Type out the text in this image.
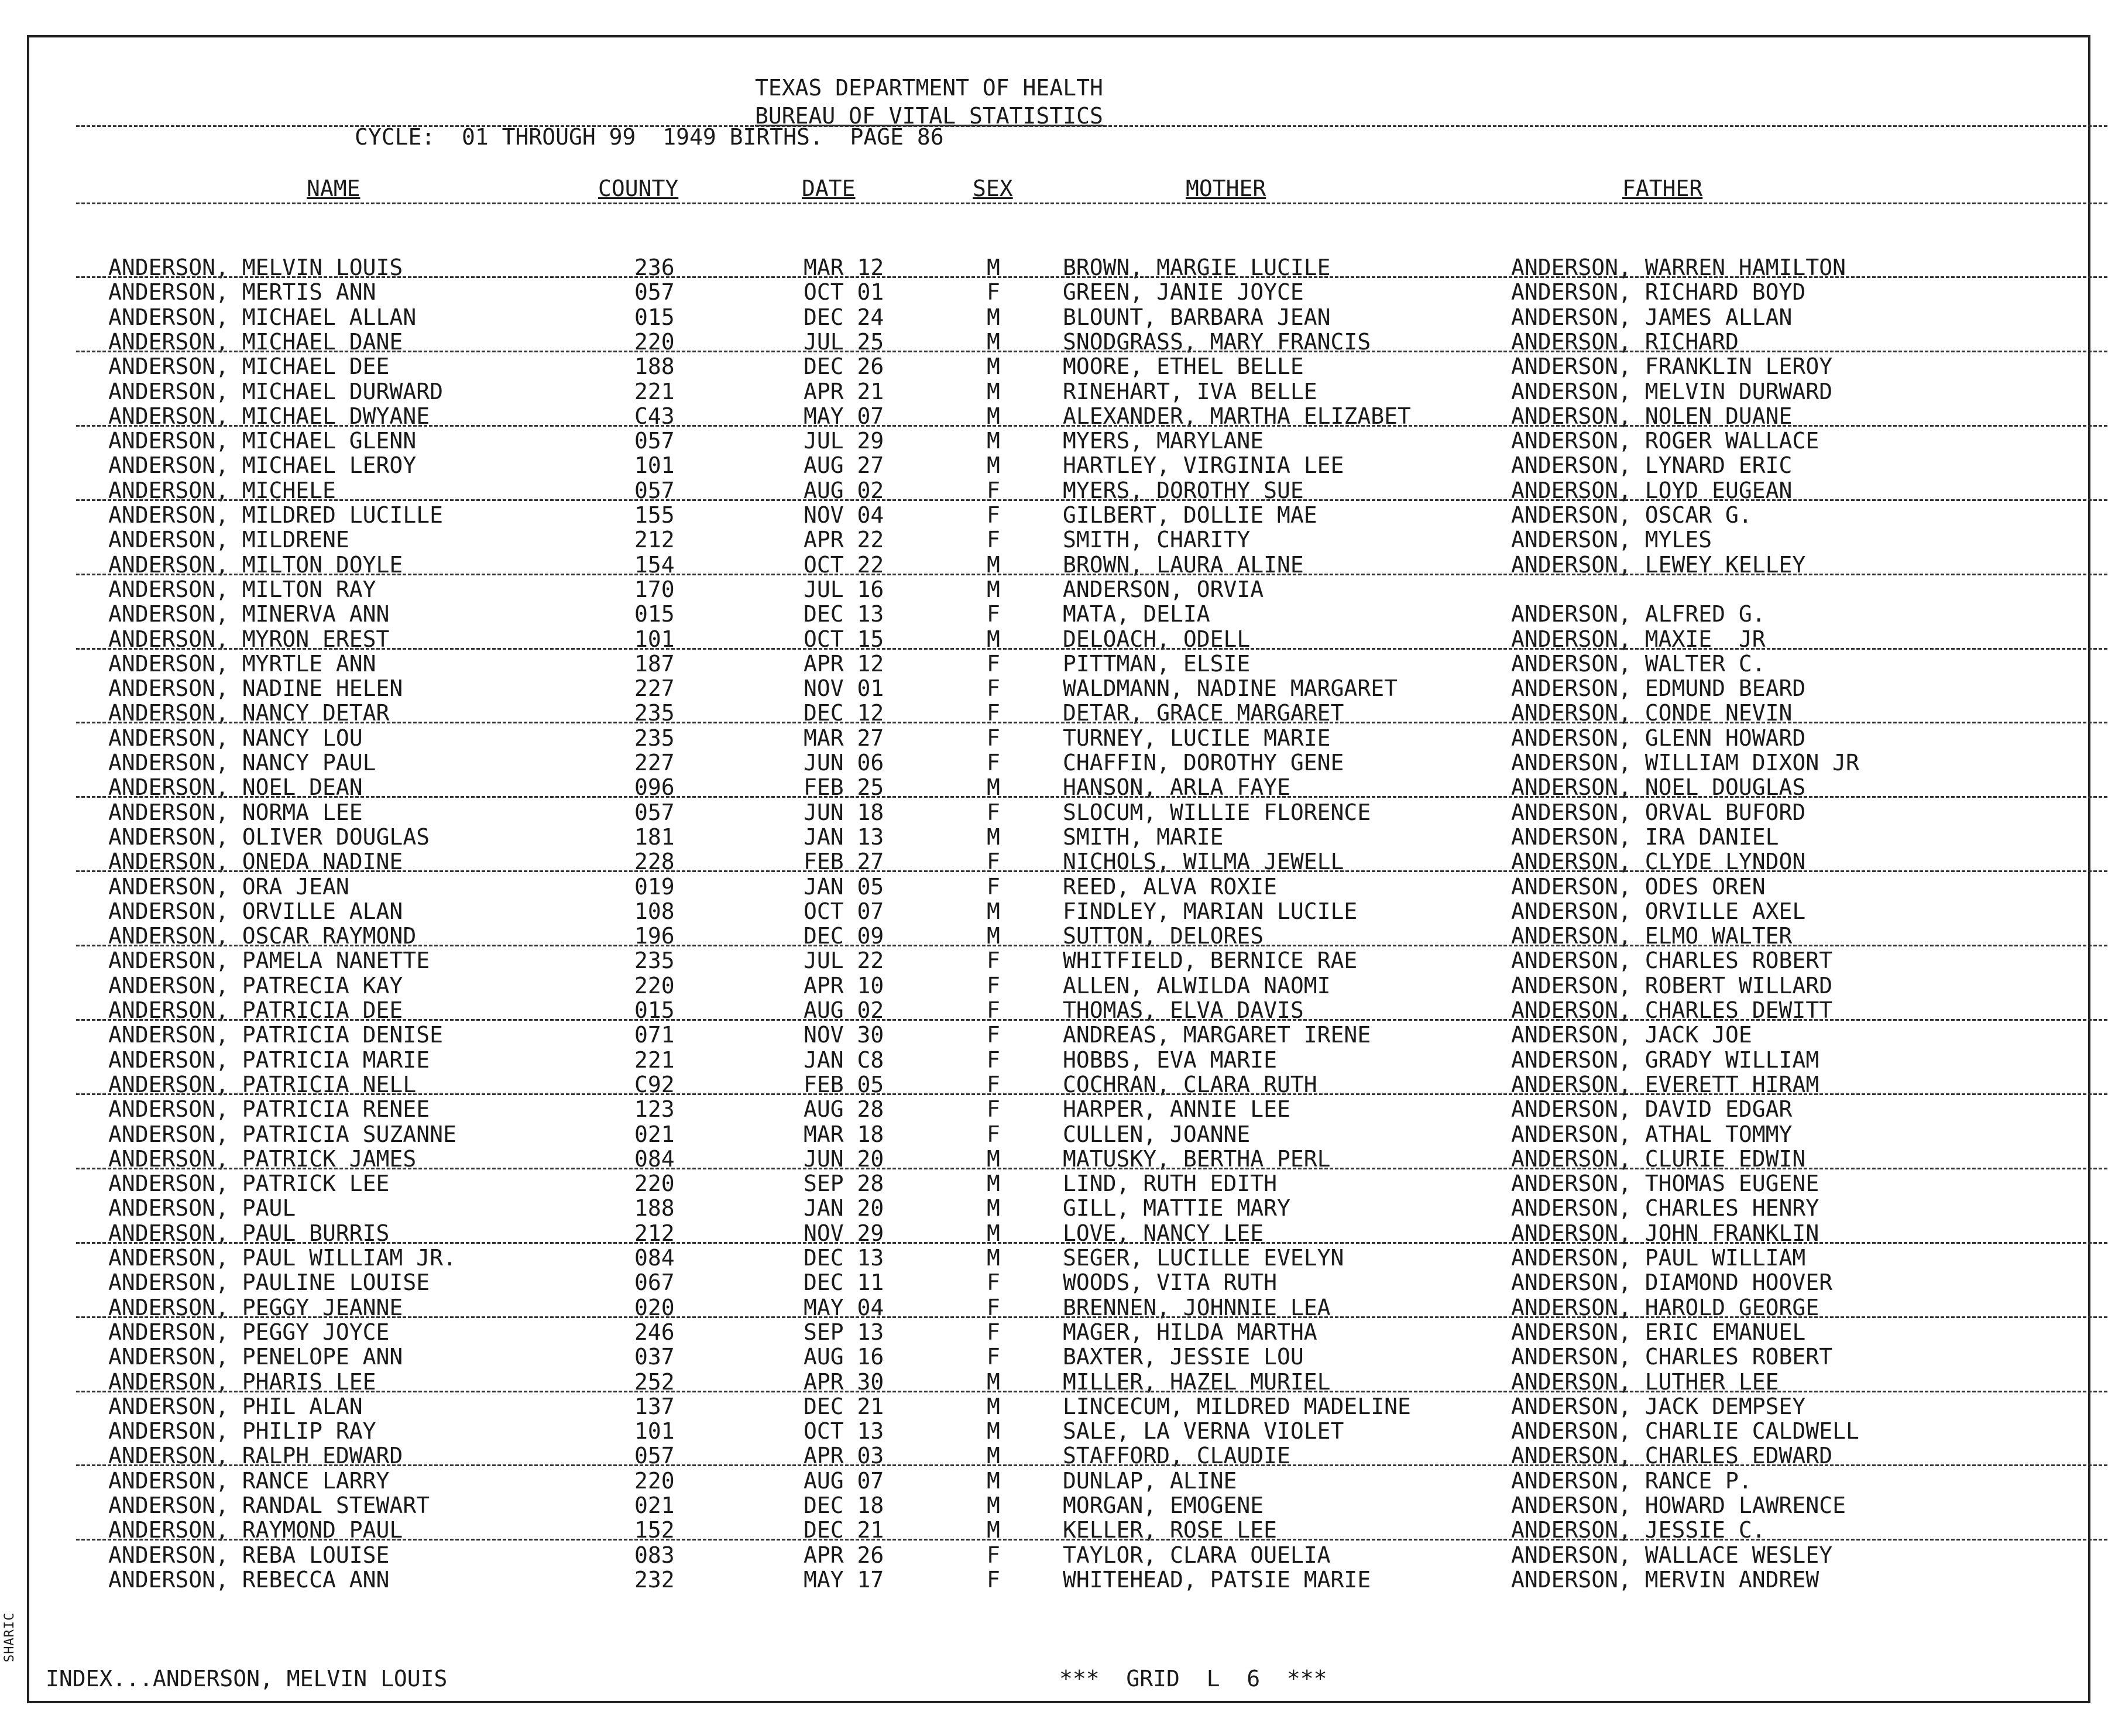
SHARIC
TEXAS DEPARTMENT OF HEALTH
BUREAU OF VITAL STATISTICS
CYCLE:  01 THROUGH 99  1949 BIRTHS.  PAGE 86
NAME	COUNTY	DATE	SEX	MOTHER	FATHER
ANDERSON, MELVIN LOUIS	236	MAR 12	M	BROWN, MARGIE LUCILE	ANDERSON, WARREN HAMILTON
ANDERSON, MERTIS ANN	057	OCT 01	F	GREEN, JANIE JOYCE	ANDERSON, RICHARD BOYD
ANDERSON, MICHAEL ALLAN	015	DEC 24	M	BLOUNT, BARBARA JEAN	ANDERSON, JAMES ALLAN
ANDERSON, MICHAEL DANE	220	JUL 25	M	SNODGRASS, MARY FRANCIS	ANDERSON, RICHARD
ANDERSON, MICHAEL DEE	188	DEC 26	M	MOORE, ETHEL BELLE	ANDERSON, FRANKLIN LEROY
ANDERSON, MICHAEL DURWARD	221	APR 21	M	RINEHART, IVA BELLE	ANDERSON, MELVIN DURWARD
ANDERSON, MICHAEL DWYANE	C43	MAY 07	M	ALEXANDER, MARTHA ELIZABET	ANDERSON, NOLEN DUANE
ANDERSON, MICHAEL GLENN	057	JUL 29	M	MYERS, MARYLANE	ANDERSON, ROGER WALLACE
ANDERSON, MICHAEL LEROY	101	AUG 27	M	HARTLEY, VIRGINIA LEE	ANDERSON, LYNARD ERIC
ANDERSON, MICHELE	057	AUG 02	F	MYERS, DOROTHY SUE	ANDERSON, LOYD EUGEAN
ANDERSON, MILDRED LUCILLE	155	NOV 04	F	GILBERT, DOLLIE MAE	ANDERSON, OSCAR G.
ANDERSON, MILDRENE	212	APR 22	F	SMITH, CHARITY	ANDERSON, MYLES
ANDERSON, MILTON DOYLE	154	OCT 22	M	BROWN, LAURA ALINE	ANDERSON, LEWEY KELLEY
ANDERSON, MILTON RAY	170	JUL 16	M	ANDERSON, ORVIA
ANDERSON, MINERVA ANN	015	DEC 13	F	MATA, DELIA	ANDERSON, ALFRED G.
ANDERSON, MYRON EREST	101	OCT 15	M	DELOACH, ODELL	ANDERSON, MAXIE  JR
ANDERSON, MYRTLE ANN	187	APR 12	F	PITTMAN, ELSIE	ANDERSON, WALTER C.
ANDERSON, NADINE HELEN	227	NOV 01	F	WALDMANN, NADINE MARGARET	ANDERSON, EDMUND BEARD
ANDERSON, NANCY DETAR	235	DEC 12	F	DETAR, GRACE MARGARET	ANDERSON, CONDE NEVIN
ANDERSON, NANCY LOU	235	MAR 27	F	TURNEY, LUCILE MARIE	ANDERSON, GLENN HOWARD
ANDERSON, NANCY PAUL	227	JUN 06	F	CHAFFIN, DOROTHY GENE	ANDERSON, WILLIAM DIXON JR
ANDERSON, NOEL DEAN	096	FEB 25	M	HANSON, ARLA FAYE	ANDERSON, NOEL DOUGLAS
ANDERSON, NORMA LEE	057	JUN 18	F	SLOCUM, WILLIE FLORENCE	ANDERSON, ORVAL BUFORD
ANDERSON, OLIVER DOUGLAS	181	JAN 13	M	SMITH, MARIE	ANDERSON, IRA DANIEL
ANDERSON, ONEDA NADINE	228	FEB 27	F	NICHOLS, WILMA JEWELL	ANDERSON, CLYDE LYNDON
ANDERSON, ORA JEAN	019	JAN 05	F	REED, ALVA ROXIE	ANDERSON, ODES OREN
ANDERSON, ORVILLE ALAN	108	OCT 07	M	FINDLEY, MARIAN LUCILE	ANDERSON, ORVILLE AXEL
ANDERSON, OSCAR RAYMOND	196	DEC 09	M	SUTTON, DELORES	ANDERSON, ELMO WALTER
ANDERSON, PAMELA NANETTE	235	JUL 22	F	WHITFIELD, BERNICE RAE	ANDERSON, CHARLES ROBERT
ANDERSON, PATRECIA KAY	220	APR 10	F	ALLEN, ALWILDA NAOMI	ANDERSON, ROBERT WILLARD
ANDERSON, PATRICIA DEE	015	AUG 02	F	THOMAS, ELVA DAVIS	ANDERSON, CHARLES DEWITT
ANDERSON, PATRICIA DENISE	071	NOV 30	F	ANDREAS, MARGARET IRENE	ANDERSON, JACK JOE
ANDERSON, PATRICIA MARIE	221	JAN C8	F	HOBBS, EVA MARIE	ANDERSON, GRADY WILLIAM
ANDERSON, PATRICIA NELL	C92	FEB 05	F	COCHRAN, CLARA RUTH	ANDERSON, EVERETT HIRAM
ANDERSON, PATRICIA RENEE	123	AUG 28	F	HARPER, ANNIE LEE	ANDERSON, DAVID EDGAR
ANDERSON, PATRICIA SUZANNE	021	MAR 18	F	CULLEN, JOANNE	ANDERSON, ATHAL TOMMY
ANDERSON, PATRICK JAMES	084	JUN 20	M	MATUSKY, BERTHA PERL	ANDERSON, CLURIE EDWIN
ANDERSON, PATRICK LEE	220	SEP 28	M	LIND, RUTH EDITH	ANDERSON, THOMAS EUGENE
ANDERSON, PAUL	188	JAN 20	M	GILL, MATTIE MARY	ANDERSON, CHARLES HENRY
ANDERSON, PAUL BURRIS	212	NOV 29	M	LOVE, NANCY LEE	ANDERSON, JOHN FRANKLIN
ANDERSON, PAUL WILLIAM JR.	084	DEC 13	M	SEGER, LUCILLE EVELYN	ANDERSON, PAUL WILLIAM
ANDERSON, PAULINE LOUISE	067	DEC 11	F	WOODS, VITA RUTH	ANDERSON, DIAMOND HOOVER
ANDERSON, PEGGY JEANNE	020	MAY 04	F	BRENNEN, JOHNNIE LEA	ANDERSON, HAROLD GEORGE
ANDERSON, PEGGY JOYCE	246	SEP 13	F	MAGER, HILDA MARTHA	ANDERSON, ERIC EMANUEL
ANDERSON, PENELOPE ANN	037	AUG 16	F	BAXTER, JESSIE LOU	ANDERSON, CHARLES ROBERT
ANDERSON, PHARIS LEE	252	APR 30	M	MILLER, HAZEL MURIEL	ANDERSON, LUTHER LEE
ANDERSON, PHIL ALAN	137	DEC 21	M	LINCECUM, MILDRED MADELINE	ANDERSON, JACK DEMPSEY
ANDERSON, PHILIP RAY	101	OCT 13	M	SALE, LA VERNA VIOLET	ANDERSON, CHARLIE CALDWELL
ANDERSON, RALPH EDWARD	057	APR 03	M	STAFFORD, CLAUDIE	ANDERSON, CHARLES EDWARD
ANDERSON, RANCE LARRY	220	AUG 07	M	DUNLAP, ALINE	ANDERSON, RANCE P.
ANDERSON, RANDAL STEWART	021	DEC 18	M	MORGAN, EMOGENE	ANDERSON, HOWARD LAWRENCE
ANDERSON, RAYMOND PAUL	152	DEC 21	M	KELLER, ROSE LEE	ANDERSON, JESSIE C.
ANDERSON, REBA LOUISE	083	APR 26	F	TAYLOR, CLARA OUELIA	ANDERSON, WALLACE WESLEY
ANDERSON, REBECCA ANN	232	MAY 17	F	WHITEHEAD, PATSIE MARIE	ANDERSON, MERVIN ANDREW
INDEX...ANDERSON, MELVIN LOUIS	***  GRID  L  6  ***
